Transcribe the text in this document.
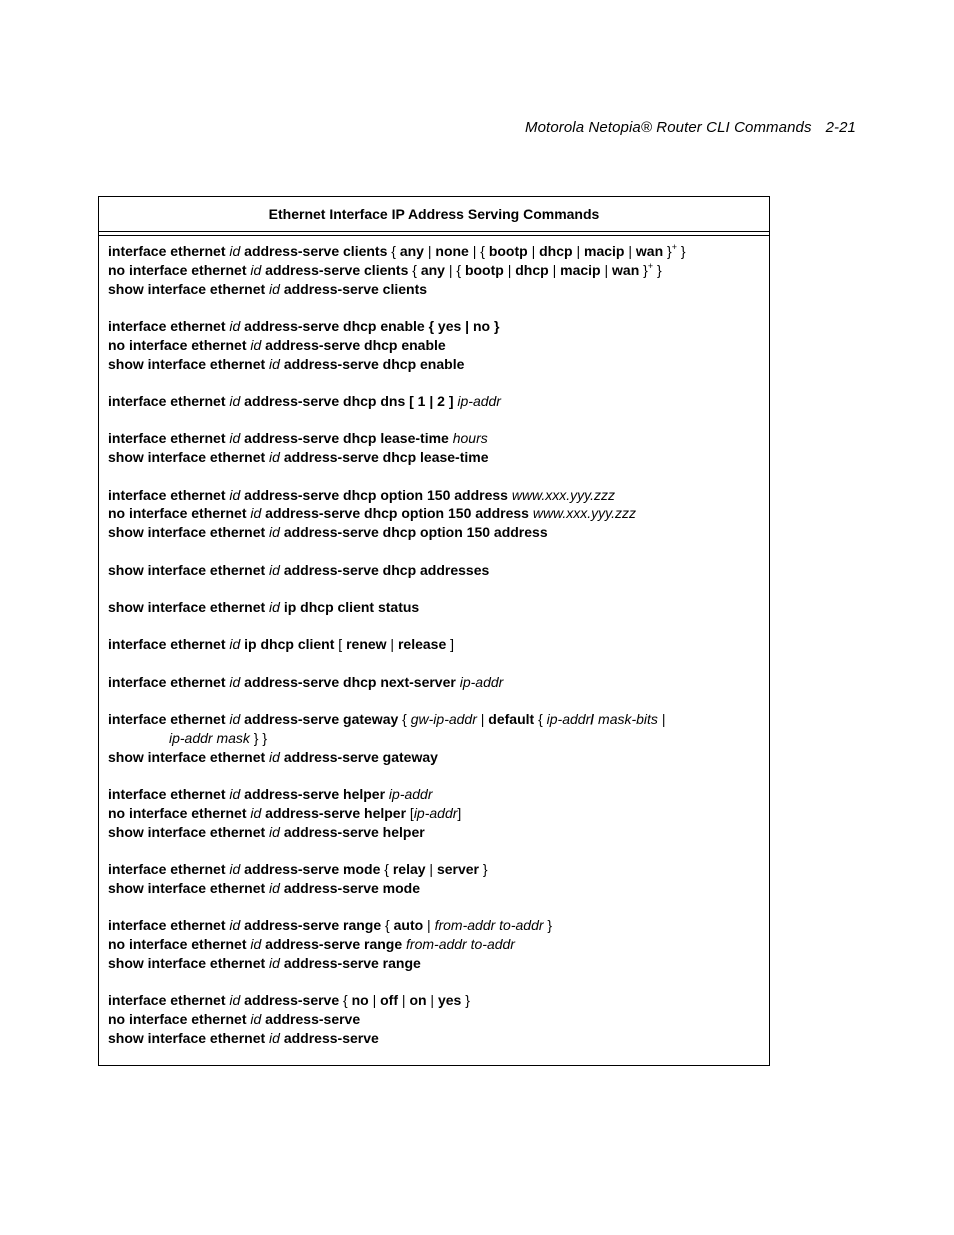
Motorola Netopia® Router CLI Commands 2-21
Ethernet Interface IP Address Serving Commands
interface ethernet id address-serve clients { any | none | { bootp | dhcp | macip | wan }+ }
no interface ethernet id address-serve clients { any | { bootp | dhcp | macip | wan }+ }
show interface ethernet id address-serve clients
interface ethernet id address-serve dhcp enable { yes | no }
no interface ethernet id address-serve dhcp enable
show interface ethernet id address-serve dhcp enable
interface ethernet id address-serve dhcp dns [ 1 | 2 ] ip-addr
interface ethernet id address-serve dhcp lease-time hours
show interface ethernet id address-serve dhcp lease-time
interface ethernet id address-serve dhcp option 150 address www.xxx.yyy.zzz
no interface ethernet id address-serve dhcp option 150 address www.xxx.yyy.zzz
show interface ethernet id address-serve dhcp option 150 address
show interface ethernet id address-serve dhcp addresses
show interface ethernet id ip dhcp client status
interface ethernet id ip dhcp client [ renew | release ]
interface ethernet id address-serve dhcp next-server ip-addr
interface ethernet id address-serve gateway { gw-ip-addr | default { ip-addr/ mask-bits |
ip-addr mask } }
show interface ethernet id address-serve gateway
interface ethernet id address-serve helper ip-addr
no interface ethernet id address-serve helper [ip-addr]
show interface ethernet id address-serve helper
interface ethernet id address-serve mode { relay | server }
show interface ethernet id address-serve mode
interface ethernet id address-serve range { auto | from-addr to-addr }
no interface ethernet id address-serve range from-addr to-addr
show interface ethernet id address-serve range
interface ethernet id address-serve { no | off | on | yes }
no interface ethernet id address-serve
show interface ethernet id address-serve
